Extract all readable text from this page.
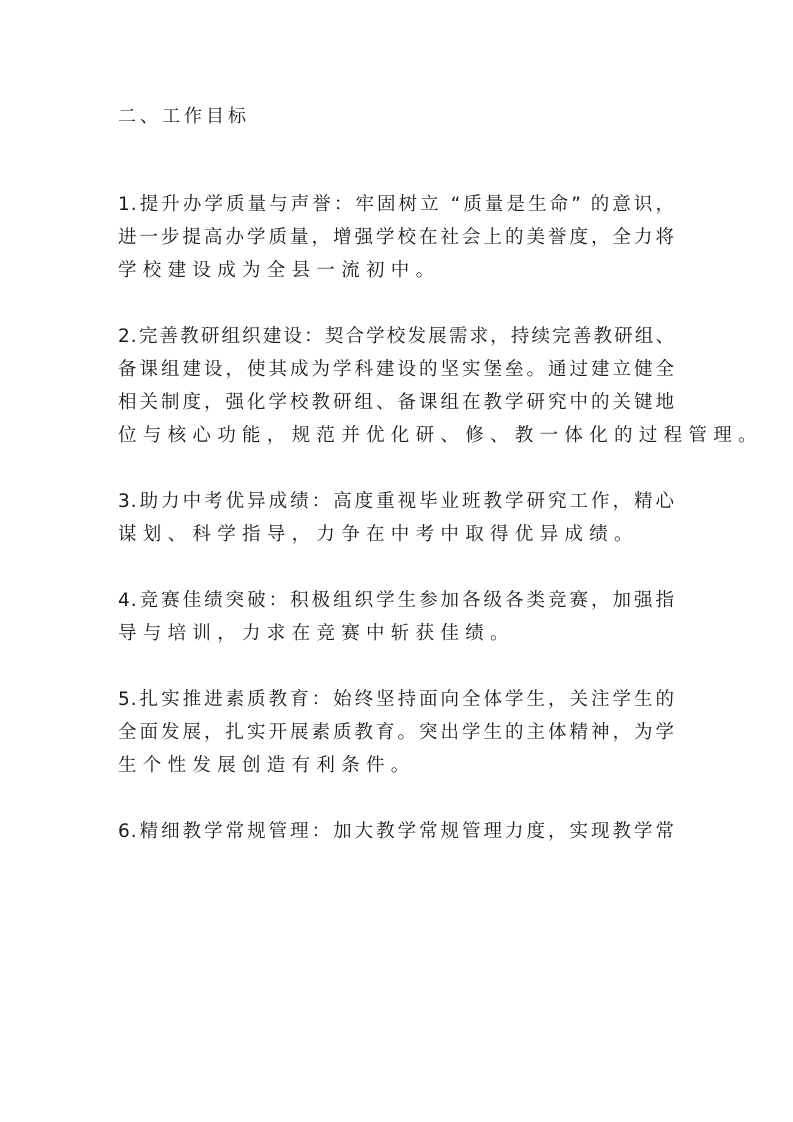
二、工作目标
1.提升办学质量与声誉：牢固树立 “质量是生命” 的意识，
进一步提高办学质量，增强学校在社会上的美誉度，全力将
学校建设成为全县一流初中。
2.完善教研组织建设：契合学校发展需求，持续完善教研组、
备课组建设，使其成为学科建设的坚实堡垒。通过建立健全
相关制度，强化学校教研组、备课组在教学研究中的关键地
位与核心功能，规范并优化研、修、教一体化的过程管理。
3.助力中考优异成绩：高度重视毕业班教学研究工作，精心
谋划、科学指导，力争在中考中取得优异成绩。
4.竞赛佳绩突破：积极组织学生参加各级各类竞赛，加强指
导与培训，力求在竞赛中斩获佳绩。
5.扎实推进素质教育：始终坚持面向全体学生，关注学生的
全面发展，扎实开展素质教育。突出学生的主体精神，为学
生个性发展创造有利条件。
6.精细教学常规管理：加大教学常规管理力度，实现教学常
